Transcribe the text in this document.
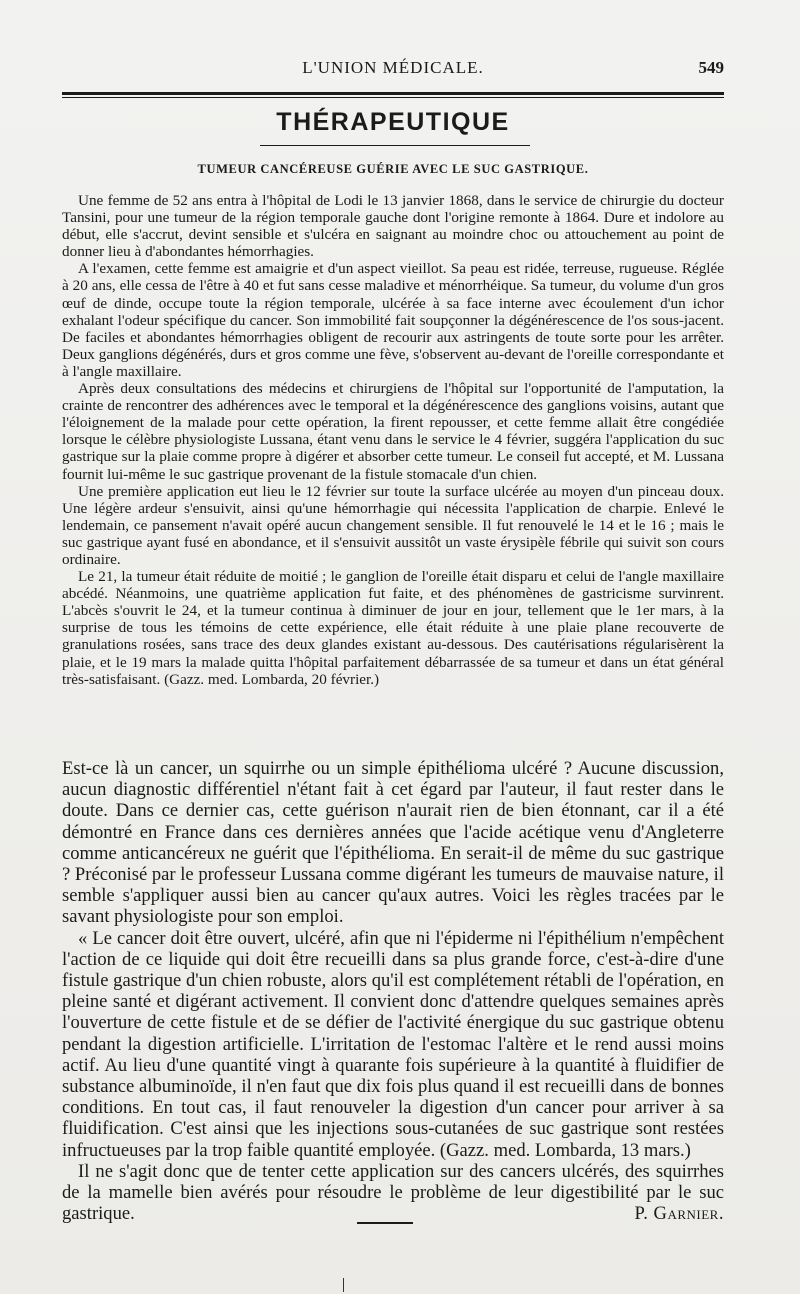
L'UNION MÉDICALE.	549
THÉRAPEUTIQUE
TUMEUR CANCÉREUSE GUÉRIE AVEC LE SUC GASTRIQUE.

Une femme de 52 ans entra à l'hôpital de Lodi le 13 janvier 1868, dans le service de chirurgie du docteur Tansini, pour une tumeur de la région temporale gauche dont l'origine remonte à 1864. Dure et indolore au début, elle s'accrut, devint sensible et s'ulcéra en saignant au moindre choc ou attouchement au point de donner lieu à d'abondantes hémorrhagies.

A l'examen, cette femme est amaigrie et d'un aspect vieillot. Sa peau est ridée, terreuse, rugueuse. Réglée à 20 ans, elle cessa de l'être à 40 et fut sans cesse maladive et ménorrhéique. Sa tumeur, du volume d'un gros œuf de dinde, occupe toute la région temporale, ulcérée à sa face interne avec écoulement d'un ichor exhalant l'odeur spécifique du cancer. Son immobilité fait soupçonner la dégénérescence de l'os sous-jacent. De faciles et abondantes hémorrhagies obligent de recourir aux astringents de toute sorte pour les arrêter. Deux ganglions dégénérés, durs et gros comme une fève, s'observent au-devant de l'oreille correspondante et à l'angle maxillaire.

Après deux consultations des médecins et chirurgiens de l'hôpital sur l'opportunité de l'amputation, la crainte de rencontrer des adhérences avec le temporal et la dégénérescence des ganglions voisins, autant que l'éloignement de la malade pour cette opération, la firent repousser, et cette femme allait être congédiée lorsque le célèbre physiologiste Lussana, étant venu dans le service le 4 février, suggéra l'application du suc gastrique sur la plaie comme propre à digérer et absorber cette tumeur. Le conseil fut accepté, et M. Lussana fournit lui-même le suc gastrique provenant de la fistule stomacale d'un chien.

Une première application eut lieu le 12 février sur toute la surface ulcérée au moyen d'un pinceau doux. Une légère ardeur s'ensuivit, ainsi qu'une hémorrhagie qui nécessita l'application de charpie. Enlevé le lendemain, ce pansement n'avait opéré aucun changement sensible. Il fut renouvelé le 14 et le 16 ; mais le suc gastrique ayant fusé en abondance, et il s'ensuivit aussitôt un vaste érysipèle fébrile qui suivit son cours ordinaire.

Le 21, la tumeur était réduite de moitié ; le ganglion de l'oreille était disparu et celui de l'angle maxillaire abcédé. Néanmoins, une quatrième application fut faite, et des phénomènes de gastricisme survinrent. L'abcès s'ouvrit le 24, et la tumeur continua à diminuer de jour en jour, tellement que le 1er mars, à la surprise de tous les témoins de cette expérience, elle était réduite à une plaie plane recouverte de granulations rosées, sans trace des deux glandes existant au-dessous. Des cautérisations régularisèrent la plaie, et le 19 mars la malade quitta l'hôpital parfaitement débarrassée de sa tumeur et dans un état général très-satisfaisant. (Gazz. med. Lombarda, 20 février.)

Est-ce là un cancer, un squirrhe ou un simple épithélioma ulcéré ? Aucune discussion, aucun diagnostic différentiel n'étant fait à cet égard par l'auteur, il faut rester dans le doute. Dans ce dernier cas, cette guérison n'aurait rien de bien étonnant, car il a été démontré en France dans ces dernières années que l'acide acétique venu d'Angleterre comme anticancéreux ne guérit que l'épithélioma. En serait-il de même du suc gastrique ? Préconisé par le professeur Lussana comme digérant les tumeurs de mauvaise nature, il semble s'appliquer aussi bien au cancer qu'aux autres. Voici les règles tracées par le savant physiologiste pour son emploi.

« Le cancer doit être ouvert, ulcéré, afin que ni l'épiderme ni l'épithélium n'empêchent l'action de ce liquide qui doit être recueilli dans sa plus grande force, c'est-à-dire d'une fistule gastrique d'un chien robuste, alors qu'il est complétement rétabli de l'opération, en pleine santé et digérant activement. Il convient donc d'attendre quelques semaines après l'ouverture de cette fistule et de se défier de l'activité énergique du suc gastrique obtenu pendant la digestion artificielle. L'irritation de l'estomac l'altère et le rend aussi moins actif. Au lieu d'une quantité vingt à quarante fois supérieure à la quantité à fluidifier de substance albuminoïde, il n'en faut que dix fois plus quand il est recueilli dans de bonnes conditions. En tout cas, il faut renouveler la digestion d'un cancer pour arriver à sa fluidification. C'est ainsi que les injections sous-cutanées de suc gastrique sont restées infructueuses par la trop faible quantité employée. (Gazz. med. Lombarda, 13 mars.)

Il ne s'agit donc que de tenter cette application sur des cancers ulcérés, des squirrhes de la mamelle bien avérés pour résoudre le problème de leur digestibilité par le suc gastrique.	P. Garnier.
